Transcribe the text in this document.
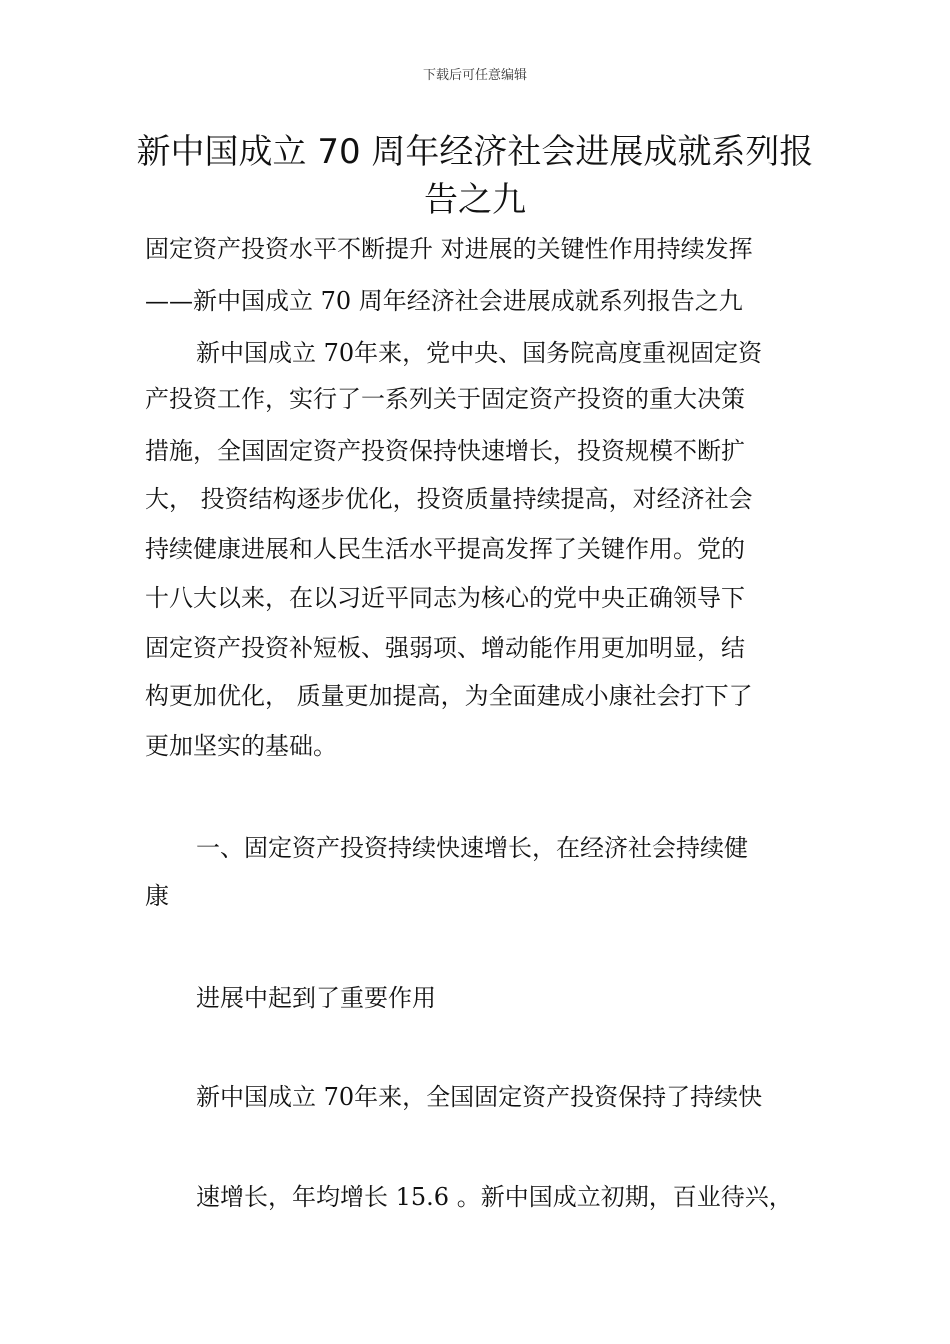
下载后可任意编辑
新中国成立 70 周年经济社会进展成就系列报告之九
固定资产投资水平不断提升 对进展的关键性作用持续发挥
——新中国成立 70 周年经济社会进展成就系列报告之九
新中国成立 70年来，党中央、国务院高度重视固定资
产投资工作，实行了一系列关于固定资产投资的重大决策
措施，全国固定资产投资保持快速增长，投资规模不断扩
大， 投资结构逐步优化，投资质量持续提高，对经济社会
持续健康进展和人民生活水平提高发挥了关键作用。党的
十八大以来，在以习近平同志为核心的党中央正确领导下
固定资产投资补短板、强弱项、增动能作用更加明显，结
构更加优化， 质量更加提高，为全面建成小康社会打下了
更加坚实的基础。
一、固定资产投资持续快速增长，在经济社会持续健
康
进展中起到了重要作用
新中国成立 70年来，全国固定资产投资保持了持续快
速增长，年均增长 15.6 。新中国成立初期，百业待兴，
